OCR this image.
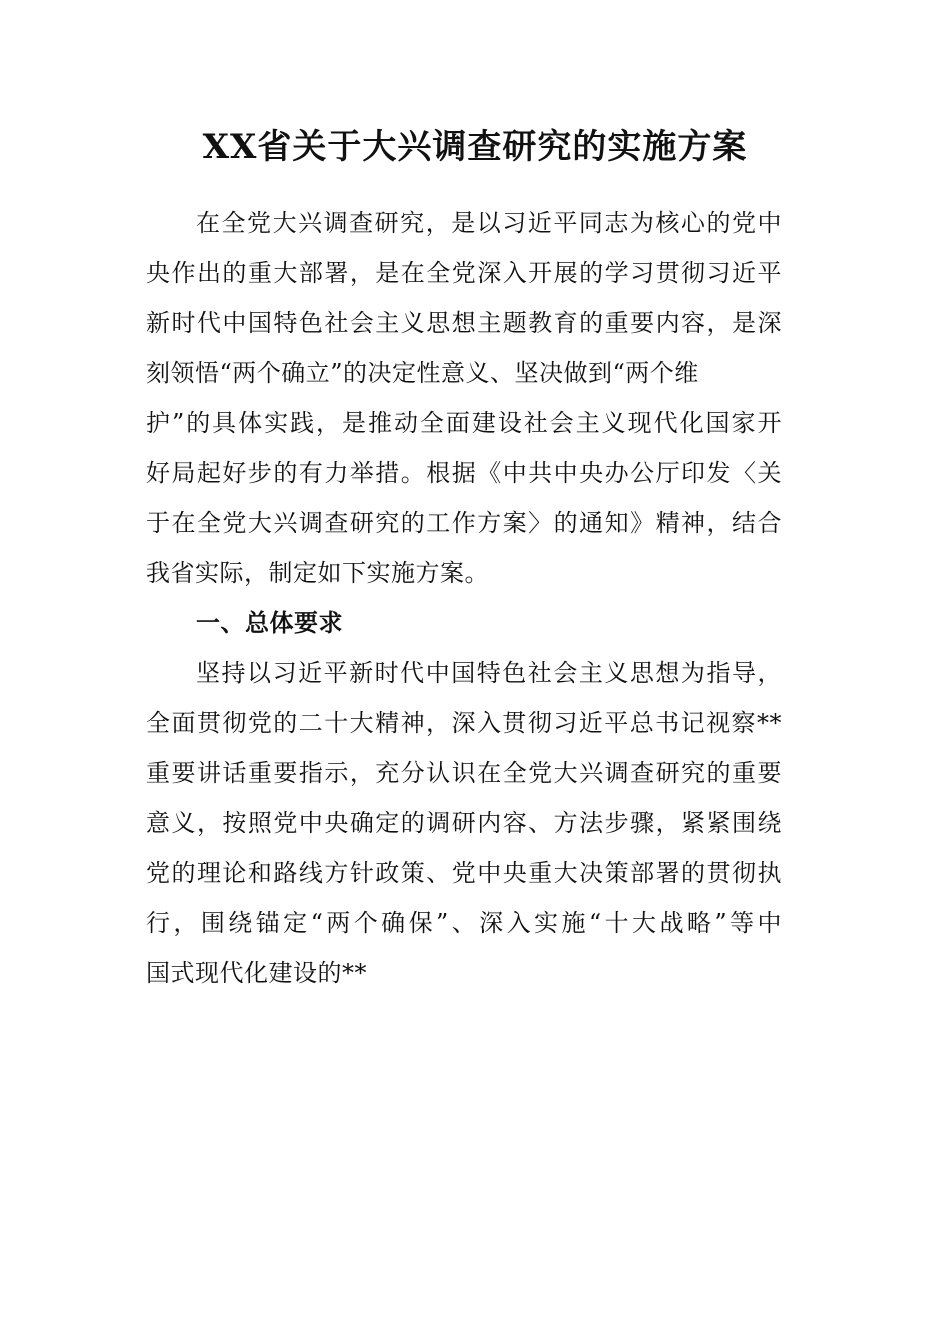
XX省关于大兴调查研究的实施方案
在全党大兴调查研究，是以习近平同志为核心的党中
央作出的重大部署，是在全党深入开展的学习贯彻习近平
新时代中国特色社会主义思想主题教育的重要内容，是深
刻领悟“两个确立”的决定性意义、坚决做到“两个维
护”的具体实践，是推动全面建设社会主义现代化国家开
好局起好步的有力举措。根据《中共中央办公厅印发〈关
于在全党大兴调查研究的工作方案〉的通知》精神，结合
我省实际，制定如下实施方案。
一、总体要求
坚持以习近平新时代中国特色社会主义思想为指导，
全面贯彻党的二十大精神，深入贯彻习近平总书记视察**
重要讲话重要指示，充分认识在全党大兴调查研究的重要
意义，按照党中央确定的调研内容、方法步骤，紧紧围绕
党的理论和路线方针政策、党中央重大决策部署的贯彻执
行，围绕锚定“两个确保”、深入实施“十大战略”等中
国式现代化建设的**
